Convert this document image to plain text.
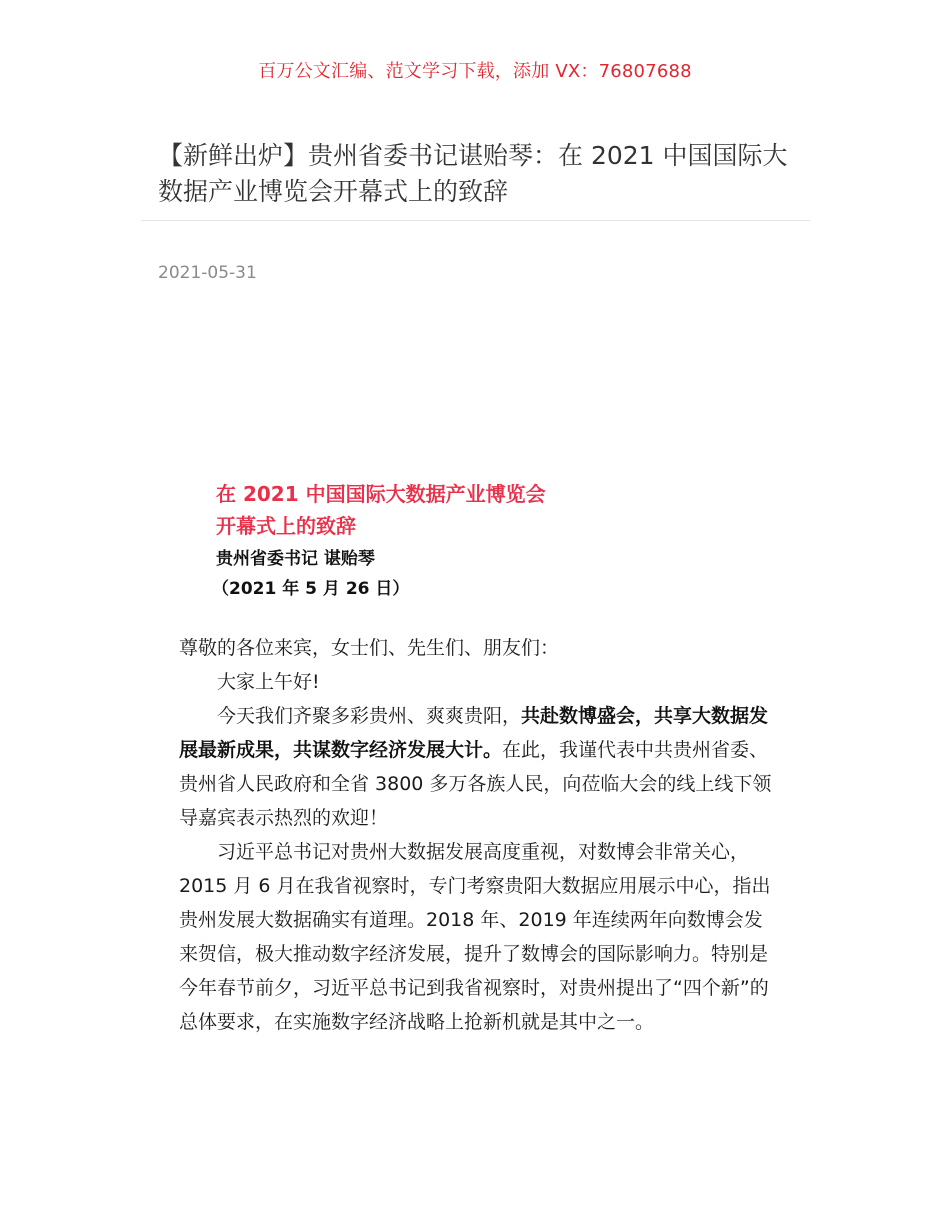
百万公文汇编、范文学习下载，添加 VX：76807688
【新鲜出炉】贵州省委书记谌贻琴：在 2021 中国国际大数据产业博览会开幕式上的致辞
2021-05-31
在 2021 中国国际大数据产业博览会
开幕式上的致辞
贵州省委书记 谌贻琴
（2021 年 5 月 26 日）

尊敬的各位来宾，女士们、先生们、朋友们：

大家上午好!

今天我们齐聚多彩贵州、爽爽贵阳，共赴数博盛会，共享大数据发展最新成果，共谋数字经济发展大计。在此，我谨代表中共贵州省委、贵州省人民政府和全省 3800 多万各族人民，向莅临大会的线上线下领导嘉宾表示热烈的欢迎！

习近平总书记对贵州大数据发展高度重视，对数博会非常关心，2015 月 6 月在我省视察时，专门考察贵阳大数据应用展示中心，指出贵州发展大数据确实有道理。2018 年、2019 年连续两年向数博会发来贺信，极大推动数字经济发展，提升了数博会的国际影响力。特别是今年春节前夕，习近平总书记到我省视察时，对贵州提出了“四个新”的总体要求，在实施数字经济战略上抢新机就是其中之一。
